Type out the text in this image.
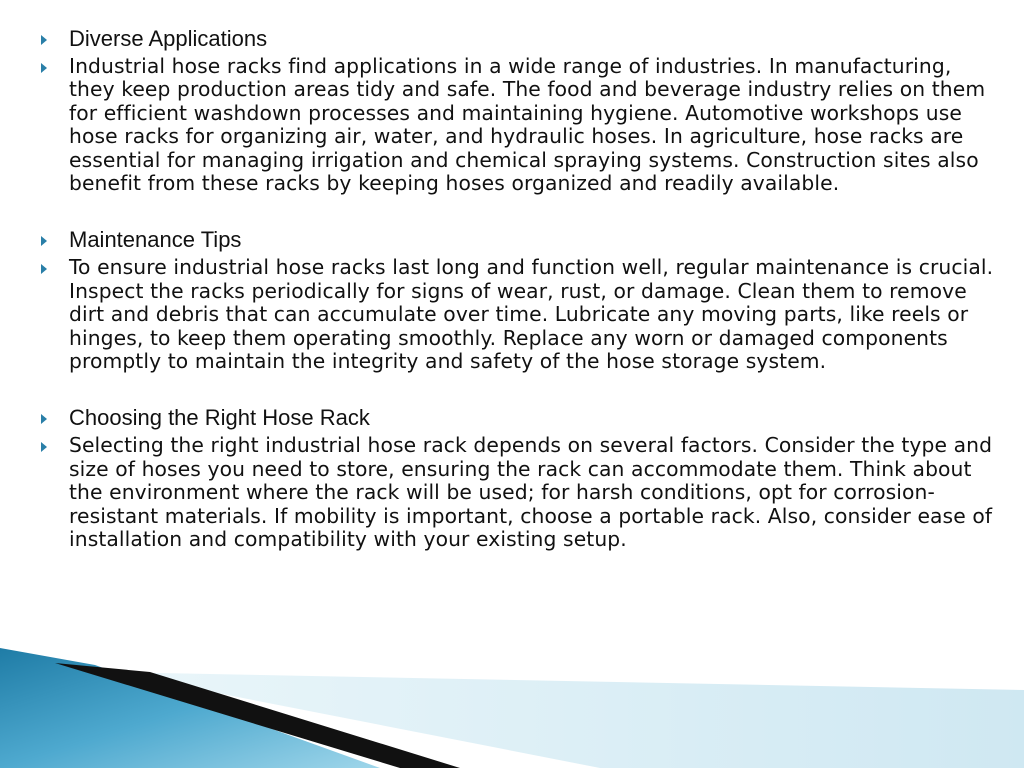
Diverse Applications
Industrial hose racks find applications in a wide range of industries. In manufacturing, they keep production areas tidy and safe. The food and beverage industry relies on them for efficient washdown processes and maintaining hygiene. Automotive workshops use hose racks for organizing air, water, and hydraulic hoses. In agriculture, hose racks are essential for managing irrigation and chemical spraying systems. Construction sites also benefit from these racks by keeping hoses organized and readily available.
Maintenance Tips
To ensure industrial hose racks last long and function well, regular maintenance is crucial. Inspect the racks periodically for signs of wear, rust, or damage. Clean them to remove dirt and debris that can accumulate over time. Lubricate any moving parts, like reels or hinges, to keep them operating smoothly. Replace any worn or damaged components promptly to maintain the integrity and safety of the hose storage system.
Choosing the Right Hose Rack
Selecting the right industrial hose rack depends on several factors. Consider the type and size of hoses you need to store, ensuring the rack can accommodate them. Think about the environment where the rack will be used; for harsh conditions, opt for corrosion-resistant materials. If mobility is important, choose a portable rack. Also, consider ease of installation and compatibility with your existing setup.
